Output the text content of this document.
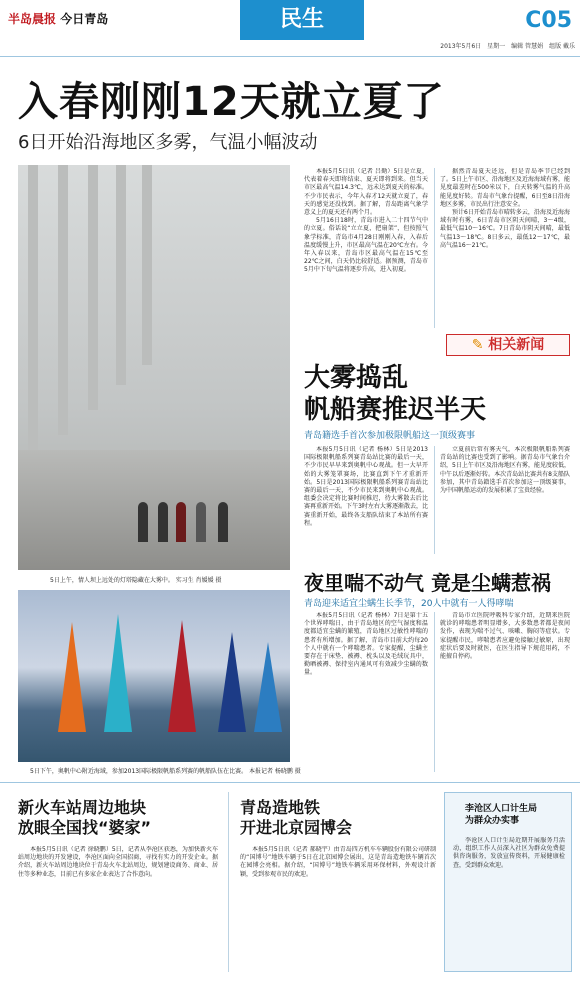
半岛晨报 今日青岛	民生	C05
2013年5月6日　星期一　编辑 管慧娟　组版 戴乐
入春刚刚12天就立夏了
6日开始沿海地区多雾，气温小幅波动
5日上午，情人坝上远处的灯塔隐藏在大雾中。 实习生 肖媛媛 摄

本报5月5日讯（记者 吕勤）5日是立夏，代表着春天即将结束、夏天即将到来。但当天市区最高气温14.3℃，远未达到夏天的标准。不少市民表示，今年入春才12天就立夏了，春天的感觉还没找到。据了解，青岛距离气象学意义上的夏天还有两个月。

5月16日18时，青岛市进入二十四节气中的立夏。俗话说“立立夏，把扇架”，但按照气象学标准，青岛市4月28日刚刚入春，入春后温度缓慢上升，市区最高气温在20℃左右。今年入春以来，青岛市区最高气温在15℃至22℃之间，白天仍比较舒适。据预测，青岛市5月中下旬气温将逐步升高，进入初夏。

据然青岛夏天还远，但是青岛季节已经到了。5日上午市区、沿海地区及近海海域有雾，能见度最差时在500米以下，白天转雾气温的升高能见度好转。青岛市气象台提醒，6日至8日沿海地区多雾，市民出行注意安全。

预计6日开始青岛市晴转多云，沿海及近海海域有时有雾，6日青岛市区阴天间晴，3～4级，最低气温10～16℃。7日青岛市阴天间晴，最低气温13～18℃。8日多云，最低12～17℃，最高气温16～21℃。

✎ 相关新闻
大雾捣乱
帆船赛推迟半天
青岛籍选手首次参加极限帆船这一顶级赛事

本报5月5日讯（记者 杨林）5日是2013国际极限帆船系列赛青岛站比赛的最后一天，不少市民早早来到奥帆中心观战。但一大早开始的大雾笼罩赛场，比赛直到下午才重新开始。5日是2013国际极限帆船系列赛青岛站比赛的最后一天，不少市民来到奥帆中心观战。组委会决定将比赛时间推迟，待大雾散去后比赛再重新开始。下午3时左右大雾逐渐散去，比赛重新开始，最终各支船队结束了本站所有赛程。

立夏前后常有雾天气，本次极限帆船系列赛青岛站的比赛也受到了影响。据青岛市气象台介绍，5日上午市区及沿海地区有雾，能见度较低，中午以后逐渐好转。本次青岛站比赛共有8支船队参加，其中青岛籍选手首次参加这一顶级赛事，为中国帆船运动的发展积累了宝贵经验。

5日下午，奥帆中心附近海域，参加2013国际极限帆船系列赛的帆船队伍在比赛。 本报记者 杨晓鹏 摄
夜里喘不动气 竟是尘螨惹祸
青岛迎来适宜尘螨生长季节，20人中就有一人得哮喘

本报5月5日讯（记者 杨林）7日是第十五个世界哮喘日，由于青岛地区的空气湿度和温度都适宜尘螨的繁殖，青岛地区过敏性哮喘的患者有所增加。据了解，青岛市目前大约每20个人中就有一个哮喘患者。专家提醒，尘螨主要存在于床垫、被褥、枕头以及毛绒玩具中，勤晒被褥、保持室内通风可有效减少尘螨的数量。

青岛市立医院呼吸科专家介绍，近期来医院就诊的哮喘患者明显增多，大多数患者都是夜间发作，表现为喘不过气、咳嗽、胸闷等症状。专家提醒市民，哮喘患者应避免接触过敏原，出现症状后要及时就医，在医生指导下规范用药，不能擅自停药。

新火车站周边地块
放眼全国找“婆家”

本报5月5日讯（记者 徐晓鹏）5日，记者从李沧区获悉，为加快新火车站周边地块的开发建设，李沧区面向全国招商，寻找有实力的开发企业。据介绍，新火车站周边地块位于青岛火车北站周边，规划建设商务、商业、居住等多种业态，目前已有多家企业表达了合作意向。

青岛造地铁
开进北京园博会

本报5月5日讯（记者 郝晓宇）由青岛四方机车车辆股份有限公司研制的“国博号”地铁车辆于5日在北京园博会展出，这是青岛造地铁车辆首次在园博会亮相。据介绍，“国博号”地铁车辆采用环保材料，外观设计新颖，受到参观市民的欢迎。

李沧区人口计生局
为群众办实事

李沧区人口计生局近期开展服务月活动，组织工作人员深入社区为群众免费提供咨询服务，发放宣传资料，开展健康检查，受到群众欢迎。
